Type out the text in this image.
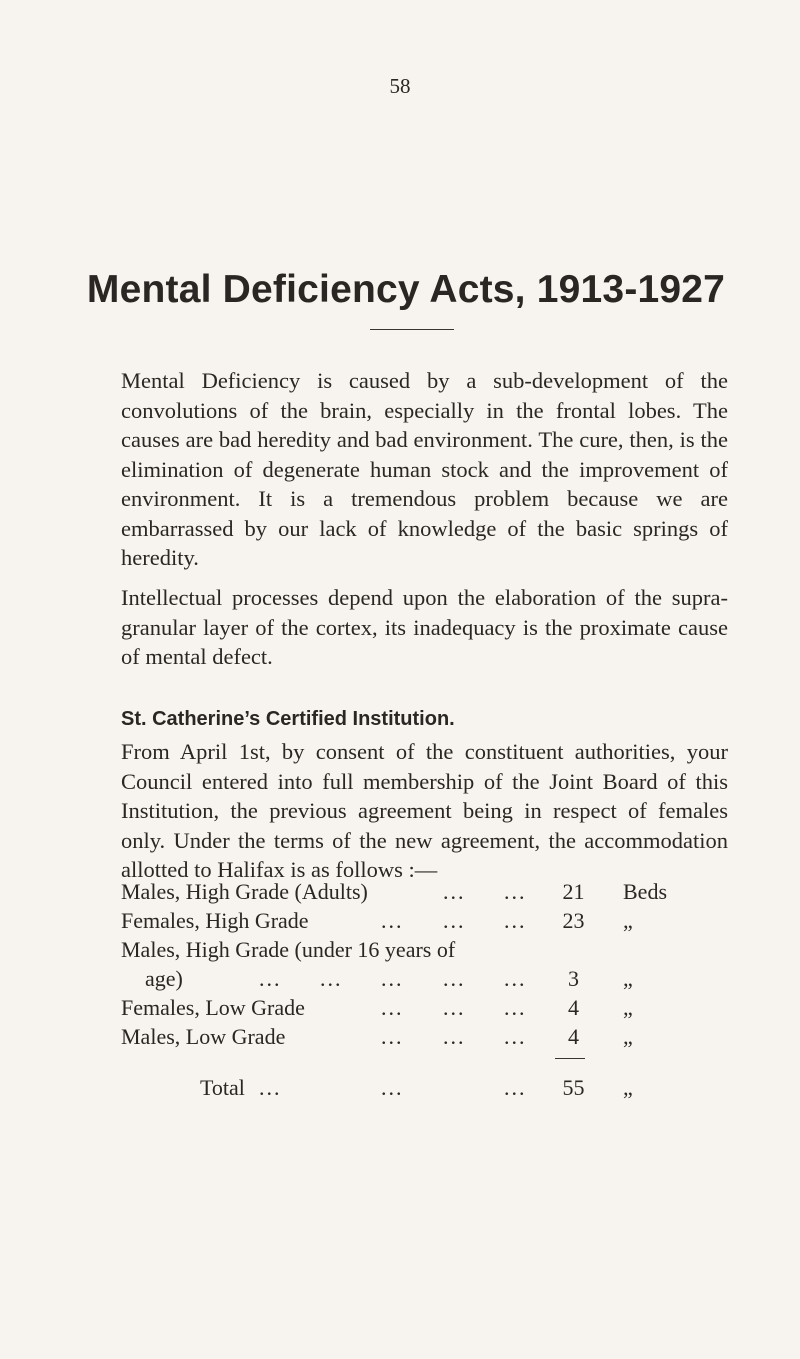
58
Mental Deficiency Acts, 1913-1927

Mental Deficiency is caused by a sub-development of the convolutions of the brain, especially in the frontal lobes. The causes are bad heredity and bad environment. The cure, then, is the elimination of degenerate human stock and the improvement of environment. It is a tremendous problem because we are embarrassed by our lack of knowledge of the basic springs of heredity.

Intellectual processes depend upon the elaboration of the supra-granular layer of the cortex, its inadequacy is the proximate cause of mental defect.

St. Catherine’s Certified Institution.

From April 1st, by consent of the constituent authorities, your Council entered into full membership of the Joint Board of this Institution, the previous agreement being in respect of females only. Under the terms of the new agreement, the accommodation allotted to Halifax is as follows :—

Males, High Grade (Adults)	... ...	21	Beds
Females, High Grade	... ... ...	23	„
Males, High Grade (under 16 years of
age)	... ... ... ... ...	3	„
Females, Low Grade	... ... ...	4	„
Males, Low Grade	... ... ...	4	„
Total ...	...	...	55	„
